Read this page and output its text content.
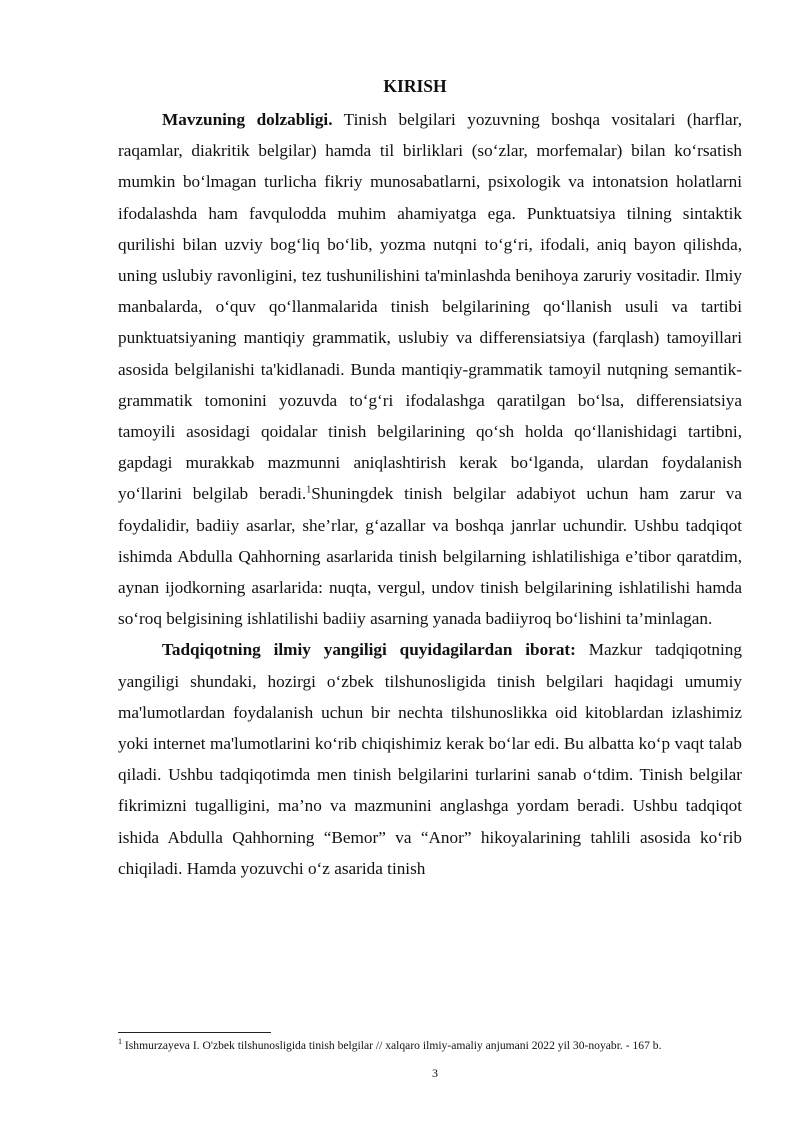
KIRISH

Mavzuning dolzabligi. Tinish belgilari yozuvning boshqa vositalari (harflar, raqamlar, diakritik belgilar) hamda til birliklari (so‘zlar, morfemalar) bilan ko‘rsatish mumkin bo‘lmagan turlicha fikriy munosabatlarni, psixologik va intonatsion holatlarni ifodalashda ham favqulodda muhim ahamiyatga ega. Punktuatsiya tilning sintaktik qurilishi bilan uzviy bog‘liq bo‘lib, yozma nutqni to‘g‘ri, ifodali, aniq bayon qilishda, uning uslubiy ravonligini, tez tushunilishini ta'minlashda benihoya zaruriy vositadir. Ilmiy manbalarda, o‘quv qo‘llanmalarida tinish belgilarining qo‘llanish usuli va tartibi punktuatsiyaning mantiqiy grammatik, uslubiy va differensiatsiya (farqlash) tamoyillari asosida belgilanishi ta'kidlanadi. Bunda mantiqiy-grammatik tamoyil nutqning semantik-grammatik tomonini yozuvda to‘g‘ri ifodalashga qaratilgan bo‘lsa, differensiatsiya tamoyili asosidagi qoidalar tinish belgilarining qo‘sh holda qo‘llanishidagi tartibni, gapdagi murakkab mazmunni aniqlashtirish kerak bo‘lganda, ulardan foydalanish yo‘llarini belgilab beradi.$^1$Shuningdek tinish belgilar adabiyot uchun ham zarur va foydalidir, badiiy asarlar, she’rlar, g‘azallar va boshqa janrlar uchundir. Ushbu tadqiqot ishimda Abdulla Qahhorning asarlarida tinish belgilarning ishlatilishiga e’tibor qaratdim, aynan ijodkorning asarlarida: nuqta, vergul, undov tinish belgilarining ishlatilishi hamda so‘roq belgisining ishlatilishi badiiy asarning yanada badiiyroq bo‘lishini ta’minlagan.

Tadqiqotning ilmiy yangiligi quyidagilardan iborat: Mazkur tadqiqotning yangiligi shundaki, hozirgi o‘zbek tilshunosligida tinish belgilari haqidagi umumiy ma'lumotlardan foydalanish uchun bir nechta tilshunoslikka oid kitoblardan izlashimiz yoki internet ma'lumotlarini ko‘rib chiqishimiz kerak bo‘lar edi. Bu albatta ko‘p vaqt talab qiladi. Ushbu tadqiqotimda men tinish belgilarini turlarini sanab o‘tdim. Tinish belgilar fikrimizni tugalligini, ma’no va mazmunini anglashga yordam beradi. Ushbu tadqiqot ishida Abdulla Qahhorning “Bemor” va “Anor” hikoyalarining tahlili asosida ko‘rib chiqiladi. Hamda yozuvchi o‘z asarida tinish

$^1$ Ishmurzayeva I. O'zbek tilshunosligida tinish belgilar // xalqaro ilmiy-amaliy anjumani 2022 yil 30-noyabr. - 167 b.
3
